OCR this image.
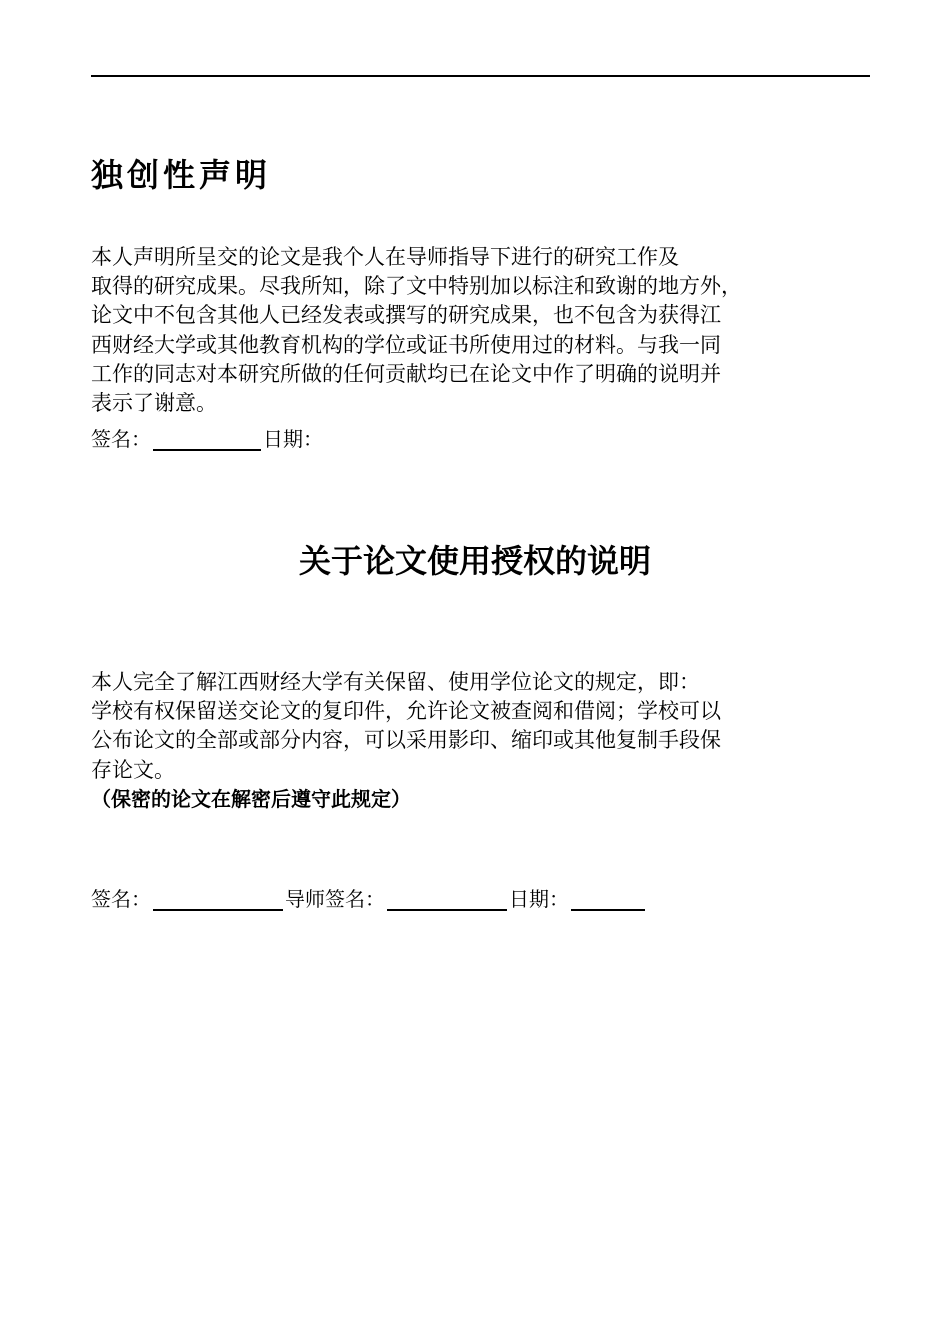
独创性声明
本人声明所呈交的论文是我个人在导师指导下进行的研究工作及
取得的研究成果。尽我所知，除了文中特别加以标注和致谢的地方外，
论文中不包含其他人已经发表或撰写的研究成果，也不包含为获得江
西财经大学或其他教育机构的学位或证书所使用过的材料。与我一同
工作的同志对本研究所做的任何贡献均已在论文中作了明确的说明并
表示了谢意。
签名：	日期：
关于论文使用授权的说明
本人完全了解江西财经大学有关保留、使用学位论文的规定，即：
学校有权保留送交论文的复印件，允许论文被查阅和借阅；学校可以
公布论文的全部或部分内容，可以采用影印、缩印或其他复制手段保
存论文。
（保密的论文在解密后遵守此规定）
签名：	导师签名：	日期：
